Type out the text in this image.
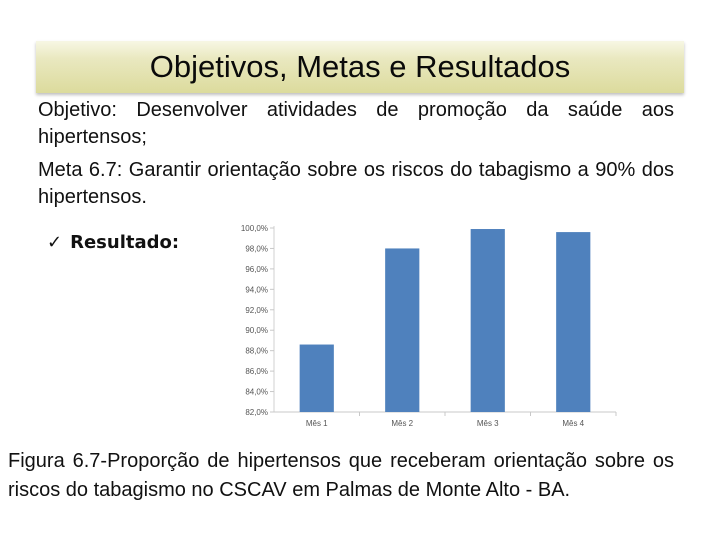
Objetivos, Metas e Resultados

Objetivo: Desenvolver atividades de promoção da saúde aos hipertensos;

Meta 6.7: Garantir orientação sobre os riscos do tabagismo a 90% dos hipertensos.

✓ Resultado:
82,0%
84,0%
86,0%
88,0%
90,0%
92,0%
94,0%
96,0%
98,0%
100,0%
Mês 1	Mês 2	Mês 3	Mês 4

Figura 6.7-Proporção de hipertensos que receberam orientação sobre os riscos do tabagismo no CSCAV em Palmas de Monte Alto - BA.
